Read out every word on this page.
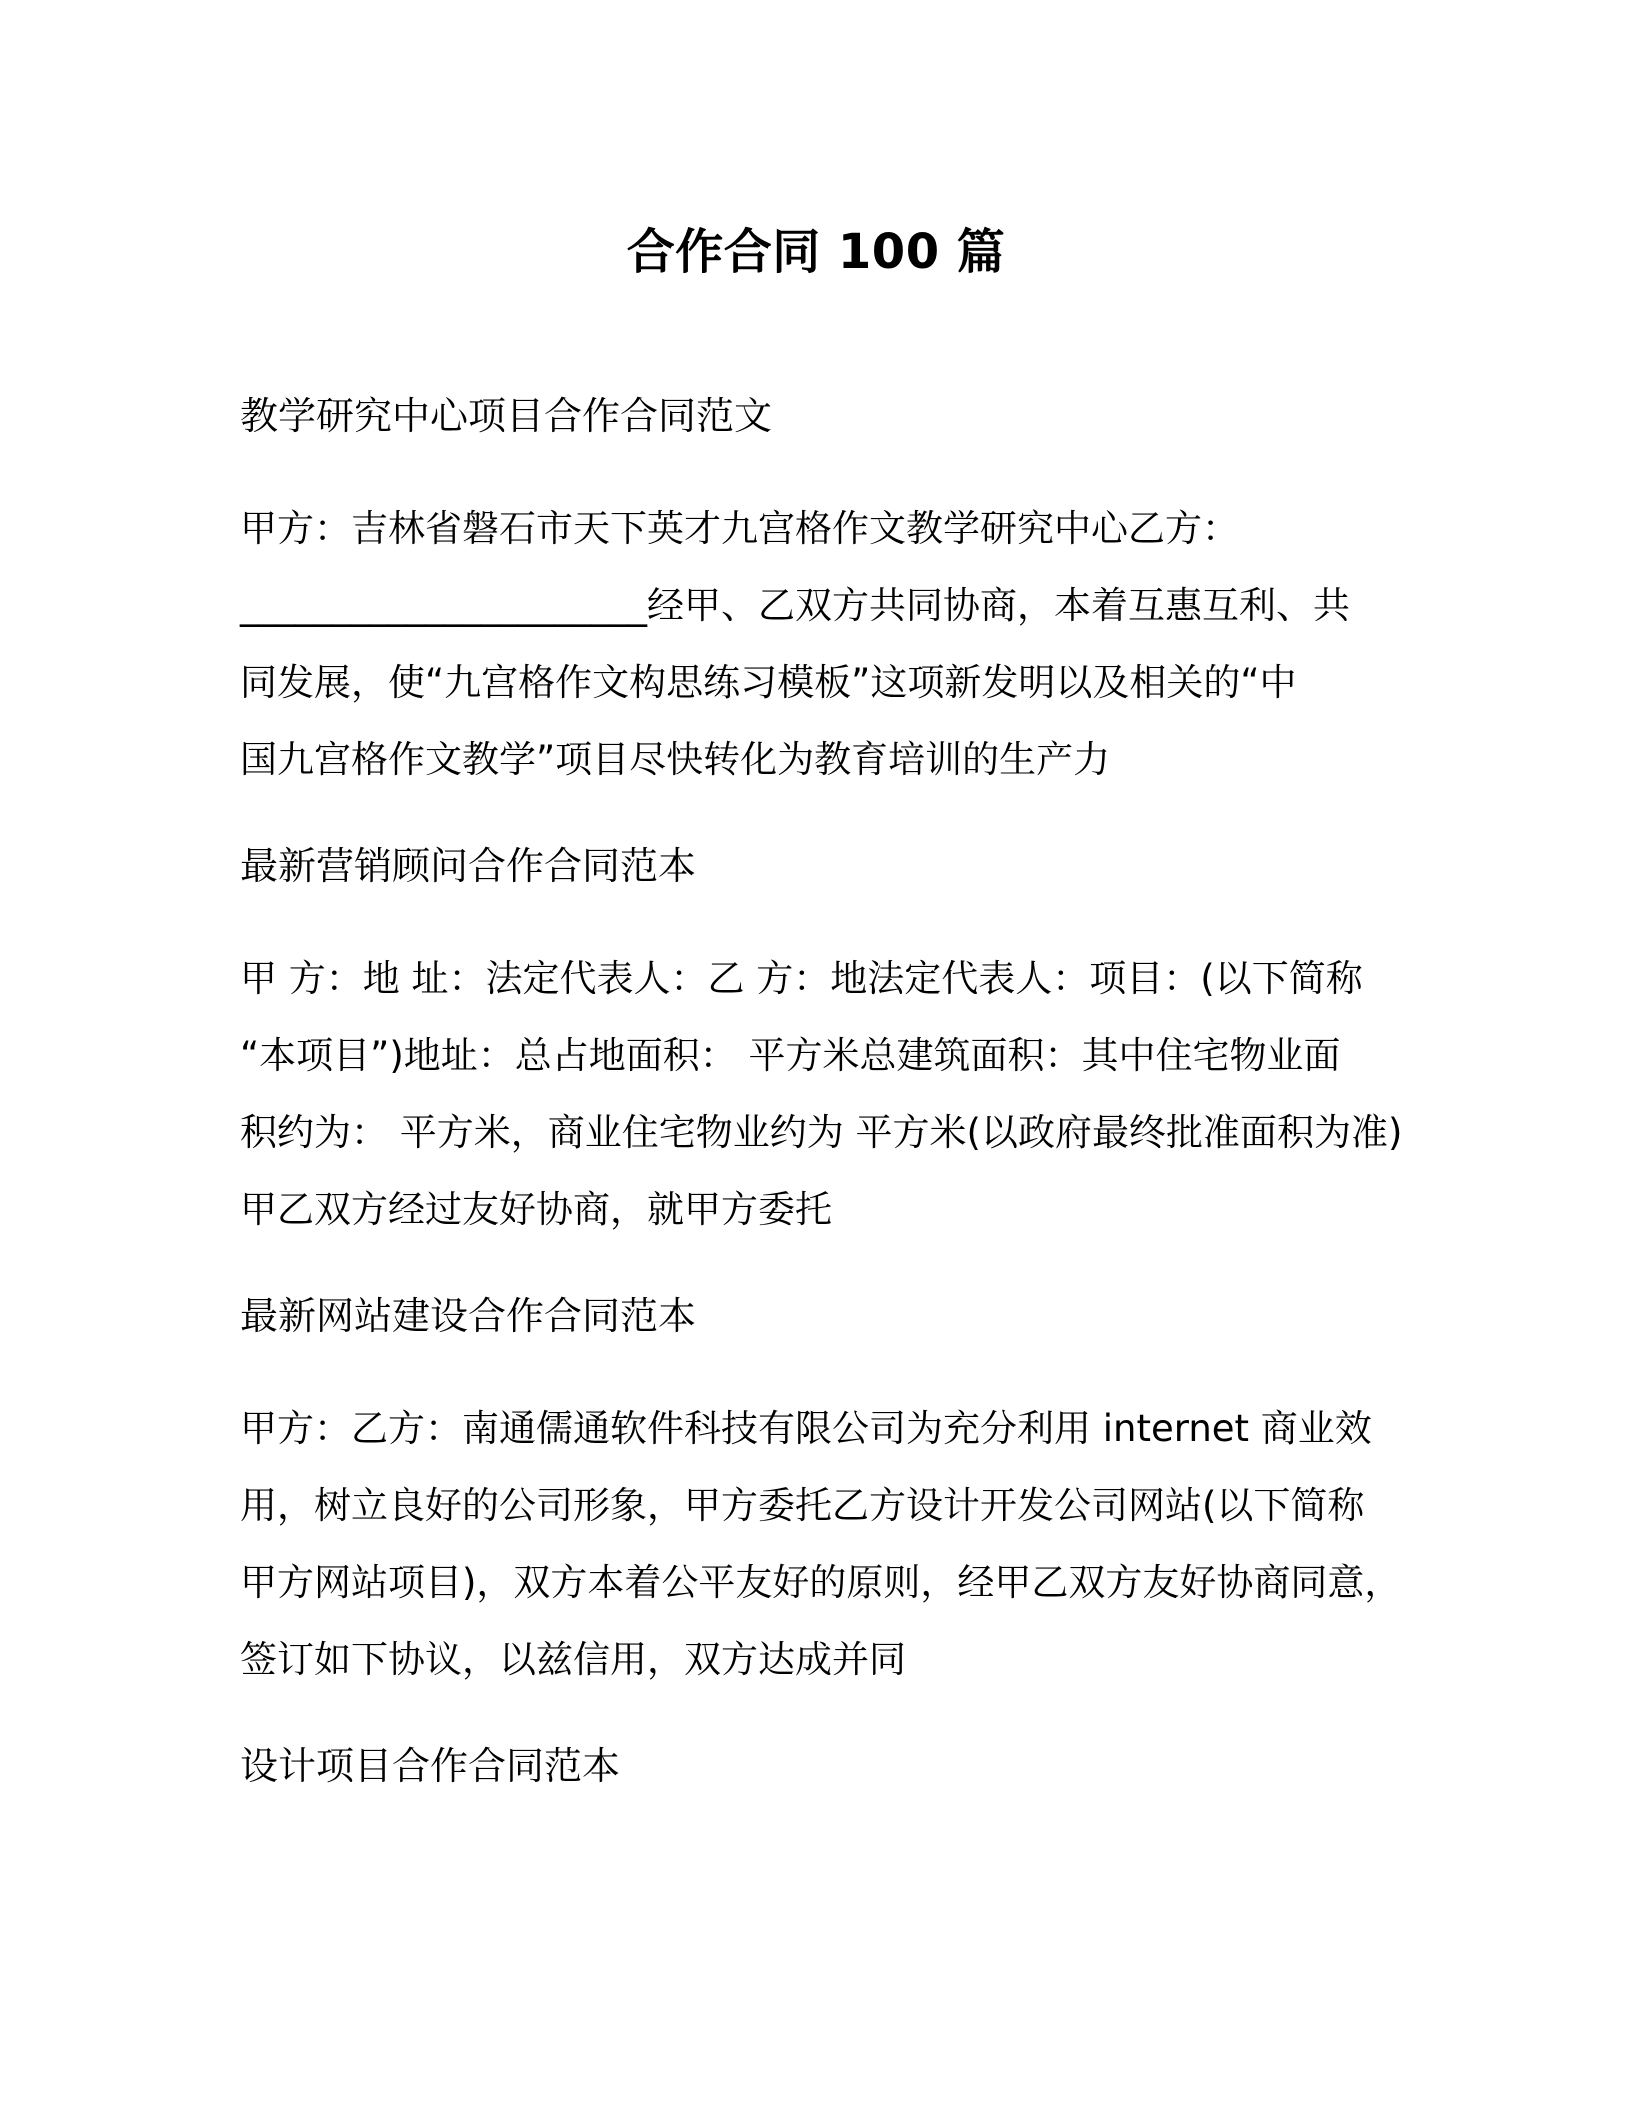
合作合同 100 篇
教学研究中心项目合作合同范文
甲方：吉林省磐石市天下英才九宫格作文教学研究中心乙方：
______________________经甲、乙双方共同协商，本着互惠互利、共
同发展，使“九宫格作文构思练习模板”这项新发明以及相关的“中
国九宫格作文教学”项目尽快转化为教育培训的生产力
最新营销顾问合作合同范本
甲 方：地 址：法定代表人：乙 方：地法定代表人：项目：(以下简称
“本项目”)地址：总占地面积： 平方米总建筑面积：其中住宅物业面
积约为： 平方米，商业住宅物业约为 平方米(以政府最终批准面积为准)
甲乙双方经过友好协商，就甲方委托
最新网站建设合作合同范本
甲方：乙方：南通儒通软件科技有限公司为充分利用 internet 商业效
用，树立良好的公司形象，甲方委托乙方设计开发公司网站(以下简称
甲方网站项目)，双方本着公平友好的原则，经甲乙双方友好协商同意，
签订如下协议，以兹信用，双方达成并同
设计项目合作合同范本
